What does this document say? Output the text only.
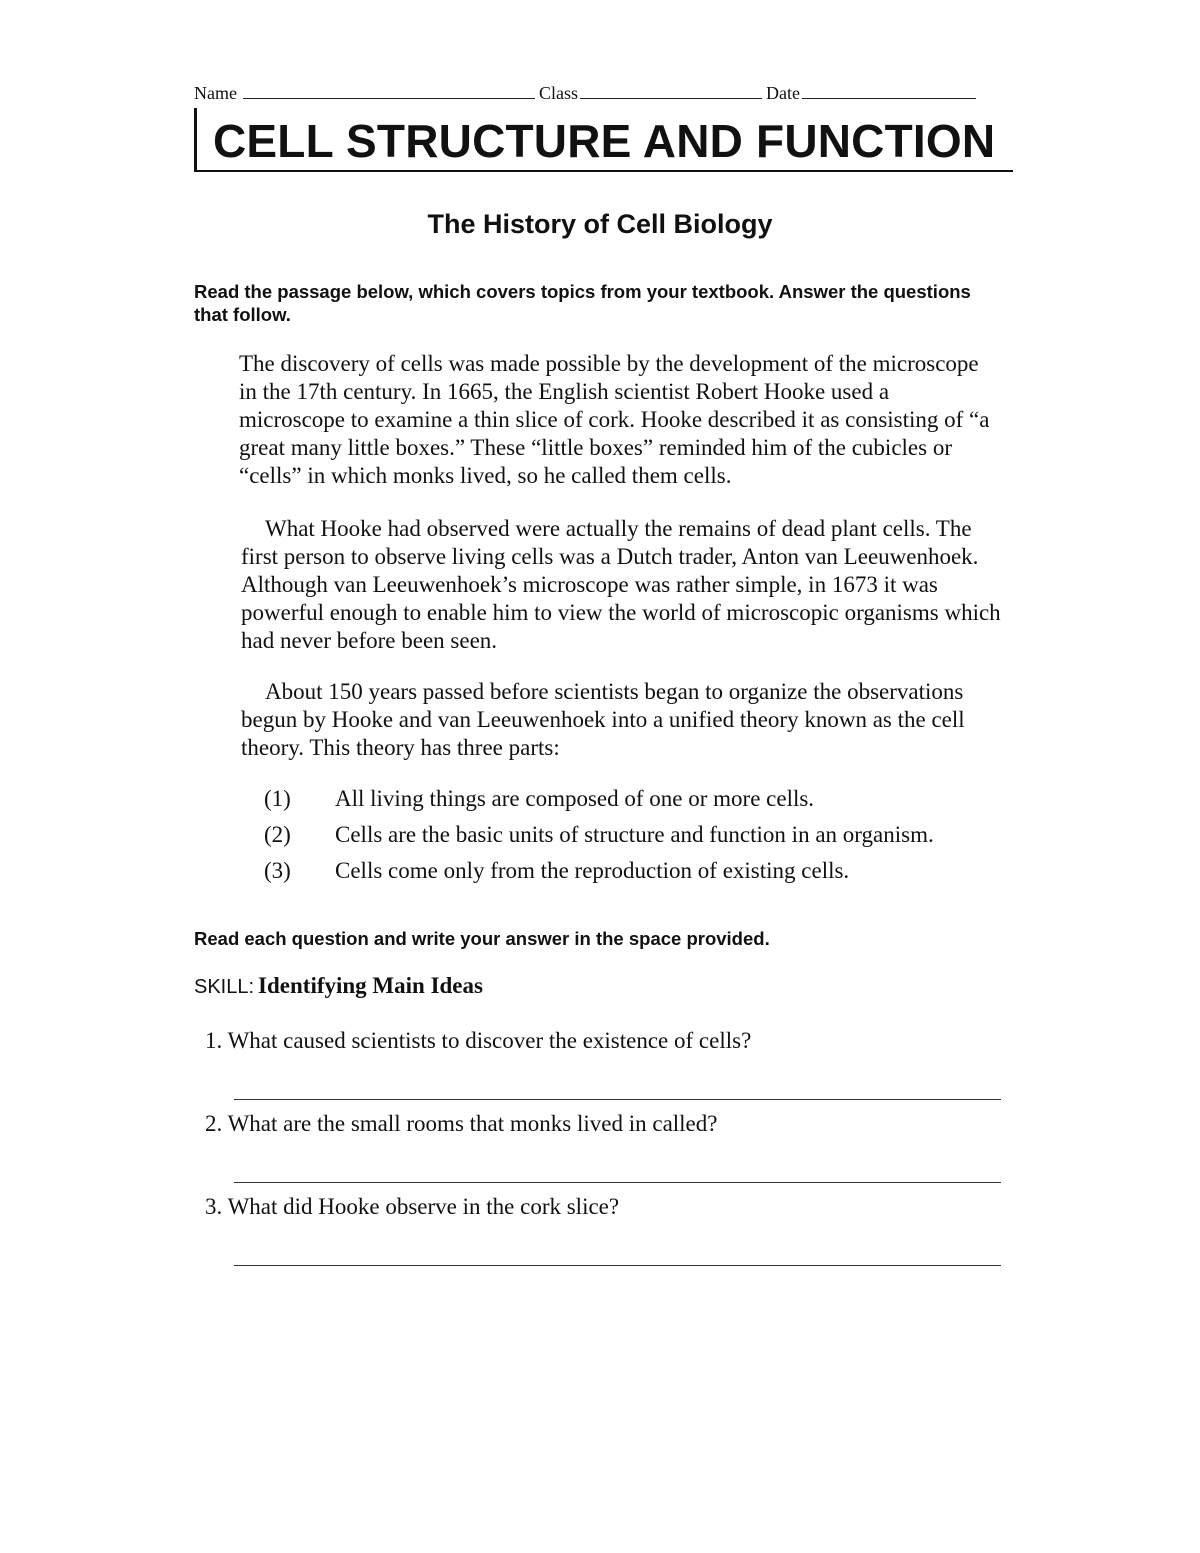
Name	Class	Date
CELL STRUCTURE AND FUNCTION
The History of Cell Biology
Read the passage below, which covers topics from your textbook. Answer the questions that follow.
The discovery of cells was made possible by the development of the microscope in the 17th century. In 1665, the English scientist Robert Hooke used a microscope to examine a thin slice of cork. Hooke described it as consisting of “a great many little boxes.” These “little boxes” reminded him of the cubicles or “cells” in which monks lived, so he called them cells.
What Hooke had observed were actually the remains of dead plant cells. The first person to observe living cells was a Dutch trader, Anton van Leeuwenhoek. Although van Leeuwenhoek’s microscope was rather simple, in 1673 it was powerful enough to enable him to view the world of microscopic organisms which had never before been seen.
About 150 years passed before scientists began to organize the observations begun by Hooke and van Leeuwenhoek into a unified theory known as the cell theory. This theory has three parts:
(1) All living things are composed of one or more cells.
(2) Cells are the basic units of structure and function in an organism.
(3) Cells come only from the reproduction of existing cells.
Read each question and write your answer in the space provided.
SKILL: Identifying Main Ideas
1. What caused scientists to discover the existence of cells?
2. What are the small rooms that monks lived in called?
3. What did Hooke observe in the cork slice?
